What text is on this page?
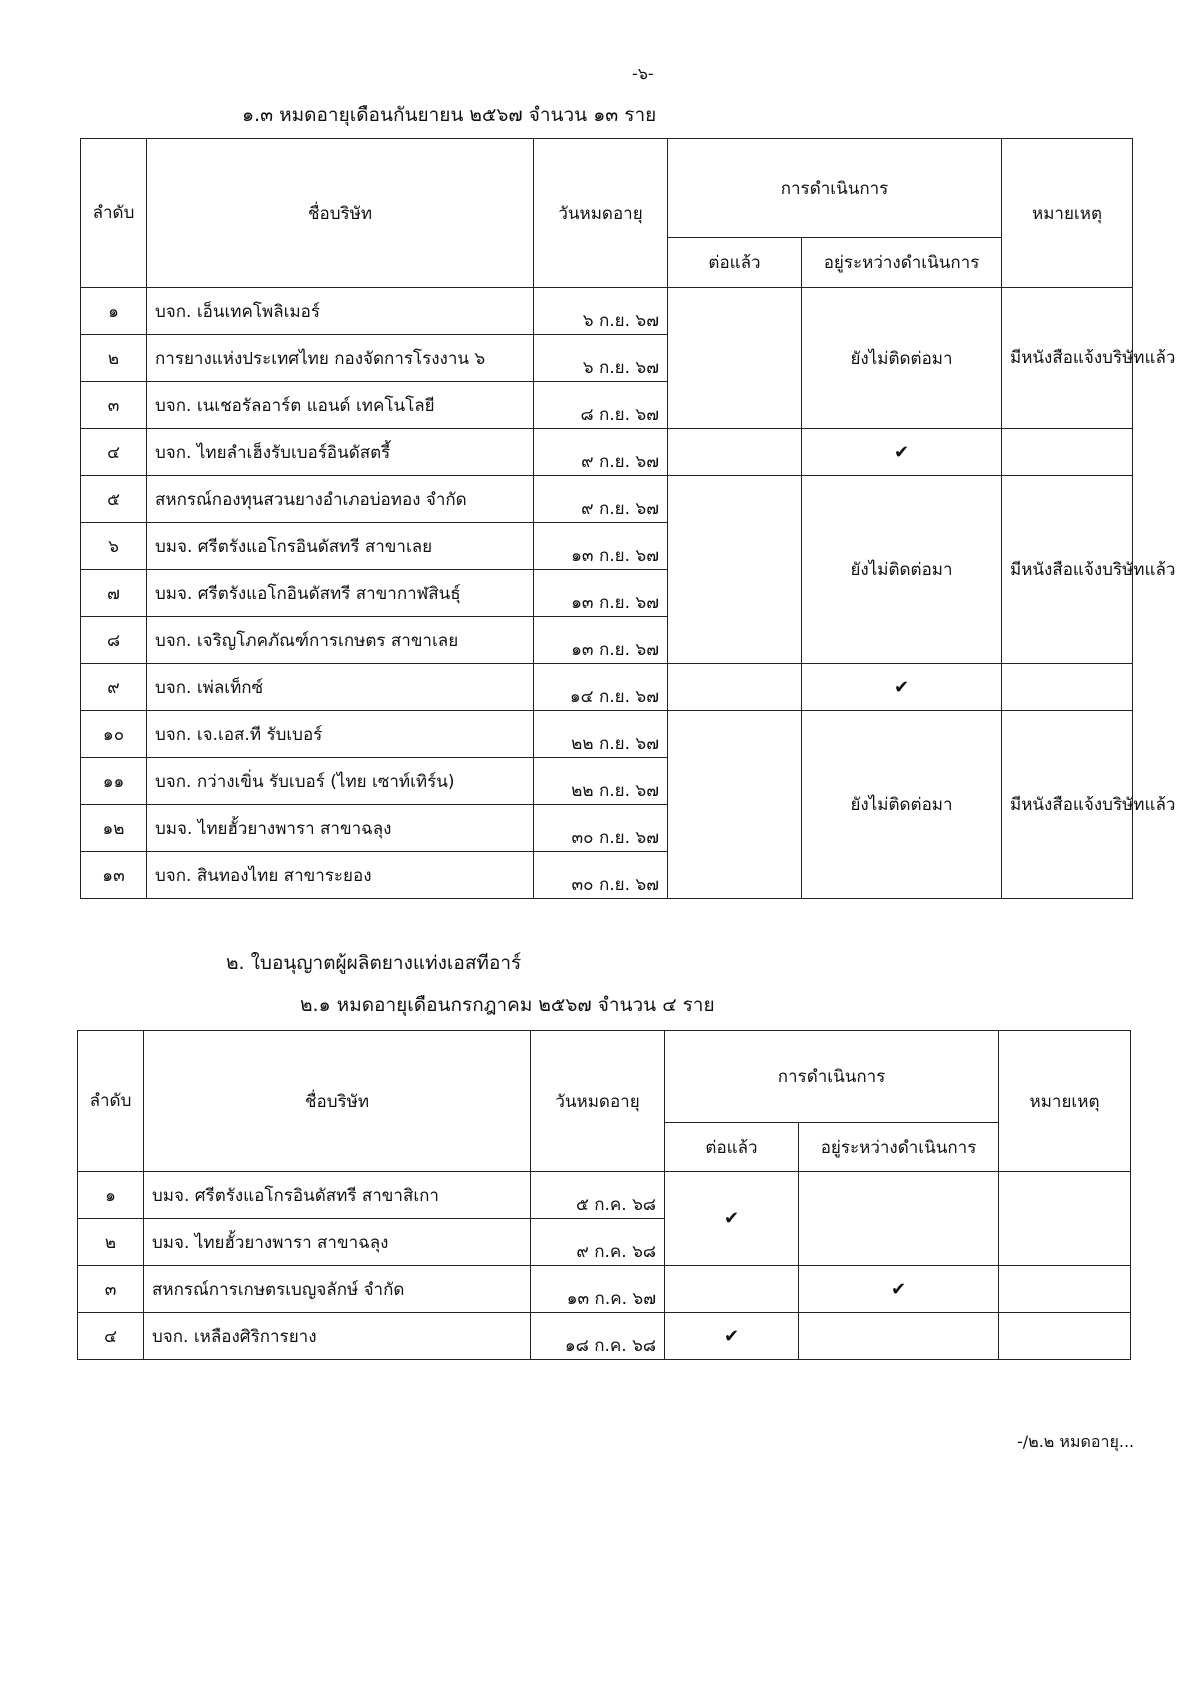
-๖-
๑.๓ หมดอายุเดือนกันยายน ๒๕๖๗ จำนวน ๑๓ ราย
ลำดับ	ชื่อบริษัท	วันหมดอายุ	การดำเนินการ		หมายเหตุ
			ต่อแล้ว	อยู่ระหว่างดำเนินการ	
๑	บจก. เอ็นเทคโพลิเมอร์	๖ ก.ย. ๖๗		ยังไม่ติดต่อมา	มีหนังสือแจ้งบริษัทแล้ว
๒	การยางแห่งประเทศไทย กองจัดการโรงงาน ๖	๖ ก.ย. ๖๗			
๓	บจก. เนเชอรัลอาร์ต แอนด์ เทคโนโลยี	๘ ก.ย. ๖๗			
๔	บจก. ไทยลำเฮ็งรับเบอร์อินดัสตรี้	๙ ก.ย. ๖๗		✔	
๕	สหกรณ์กองทุนสวนยางอำเภอบ่อทอง จำกัด	๙ ก.ย. ๖๗		ยังไม่ติดต่อมา	มีหนังสือแจ้งบริษัทแล้ว
๖	บมจ. ศรีตรังแอโกรอินดัสทรี สาขาเลย	๑๓ ก.ย. ๖๗			
๗	บมจ. ศรีตรังแอโกอินดัสทรี สาขากาฬสินธุ์	๑๓ ก.ย. ๖๗			
๘	บจก. เจริญโภคภัณฑ์การเกษตร สาขาเลย	๑๓ ก.ย. ๖๗			
๙	บจก. เพ่ลเท็กซ์	๑๔ ก.ย. ๖๗		✔	
๑๐	บจก. เจ.เอส.ที รับเบอร์	๒๒ ก.ย. ๖๗		ยังไม่ติดต่อมา	มีหนังสือแจ้งบริษัทแล้ว
๑๑	บจก. กว่างเขิ่น รับเบอร์ (ไทย เซาท์เทิร์น)	๒๒ ก.ย. ๖๗			
๑๒	บมจ. ไทยฮั้วยางพารา สาขาฉลุง	๓๐ ก.ย. ๖๗			
๑๓	บจก. สินทองไทย สาขาระยอง	๓๐ ก.ย. ๖๗			
๒. ใบอนุญาตผู้ผลิตยางแท่งเอสทีอาร์
๒.๑ หมดอายุเดือนกรกฎาคม ๒๕๖๗ จำนวน ๔ ราย
ลำดับ	ชื่อบริษัท	วันหมดอายุ	การดำเนินการ		หมายเหตุ
			ต่อแล้ว	อยู่ระหว่างดำเนินการ	
๑	บมจ. ศรีตรังแอโกรอินดัสทรี สาขาสิเกา	๕ ก.ค. ๖๘	✔		
๒	บมจ. ไทยฮั้วยางพารา สาขาฉลุง	๙ ก.ค. ๖๘			
๓	สหกรณ์การเกษตรเบญจลักษ์ จำกัด	๑๓ ก.ค. ๖๗		✔	
๔	บจก. เหลืองศิริการยาง	๑๘ ก.ค. ๖๘	✔		
-/๒.๒ หมดอายุ...
